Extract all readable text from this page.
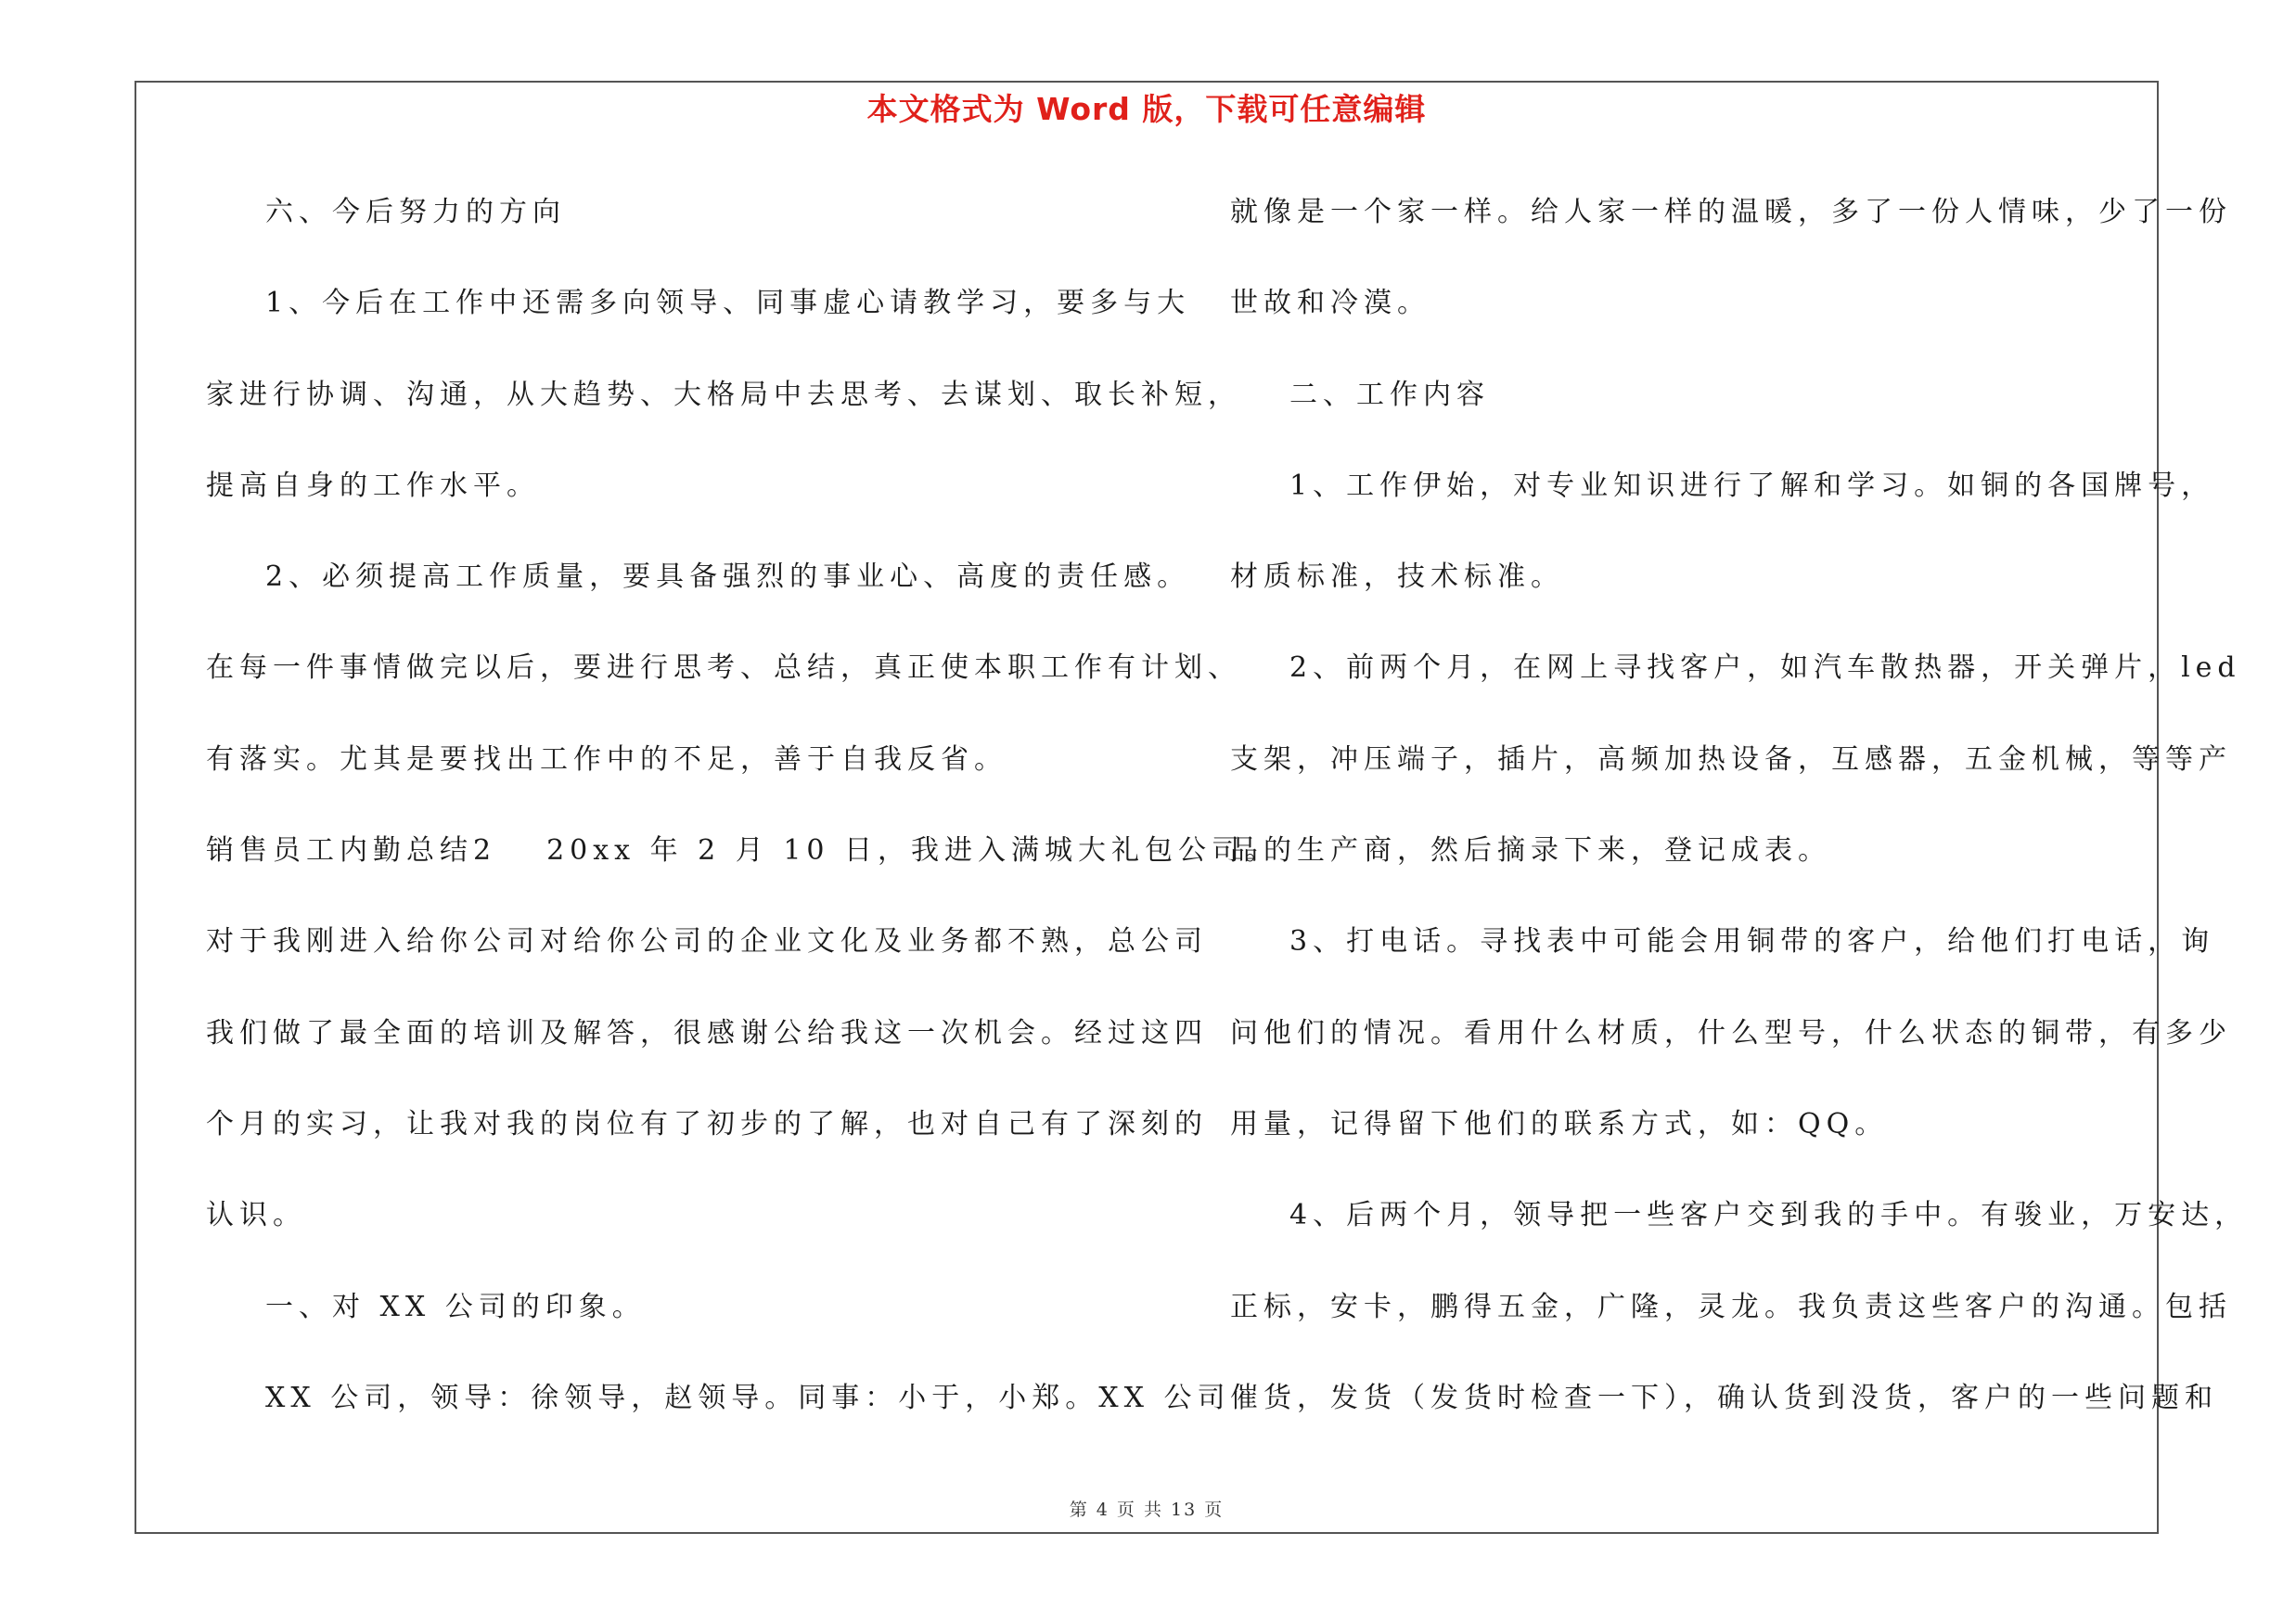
本文格式为 Word 版，下载可任意编辑
六、今后努力的方向
1、今后在工作中还需多向领导、同事虚心请教学习，要多与大
家进行协调、沟通，从大趋势、大格局中去思考、去谋划、取长补短，
提高自身的工作水平。
2、必须提高工作质量，要具备强烈的事业心、高度的责任感。
在每一件事情做完以后，要进行思考、总结，真正使本职工作有计划、
有落实。尤其是要找出工作中的不足，善于自我反省。
销售员工内勤总结2 20xx 年 2 月 10 日，我进入满城大礼包公司。
对于我刚进入给你公司对给你公司的企业文化及业务都不熟，总公司
我们做了最全面的培训及解答，很感谢公给我这一次机会。经过这四
个月的实习，让我对我的岗位有了初步的了解，也对自己有了深刻的
认识。
一、对 XX 公司的印象。
XX 公司，领导：徐领导，赵领导。同事：小于，小郑。XX 公司
就像是一个家一样。给人家一样的温暖，多了一份人情味，少了一份
世故和冷漠。
二、工作内容
1、工作伊始，对专业知识进行了解和学习。如铜的各国牌号，
材质标准，技术标准。
2、前两个月，在网上寻找客户，如汽车散热器，开关弹片，led
支架，冲压端子，插片，高频加热设备，互感器，五金机械，等等产
品的生产商，然后摘录下来，登记成表。
3、打电话。寻找表中可能会用铜带的客户，给他们打电话，询
问他们的情况。看用什么材质，什么型号，什么状态的铜带，有多少
用量，记得留下他们的联系方式，如：QQ。
4、后两个月，领导把一些客户交到我的手中。有骏业，万安达，
正标，安卡，鹏得五金，广隆，灵龙。我负责这些客户的沟通。包括
催货，发货（发货时检查一下），确认货到没货，客户的一些问题和
第 4 页 共 13 页
